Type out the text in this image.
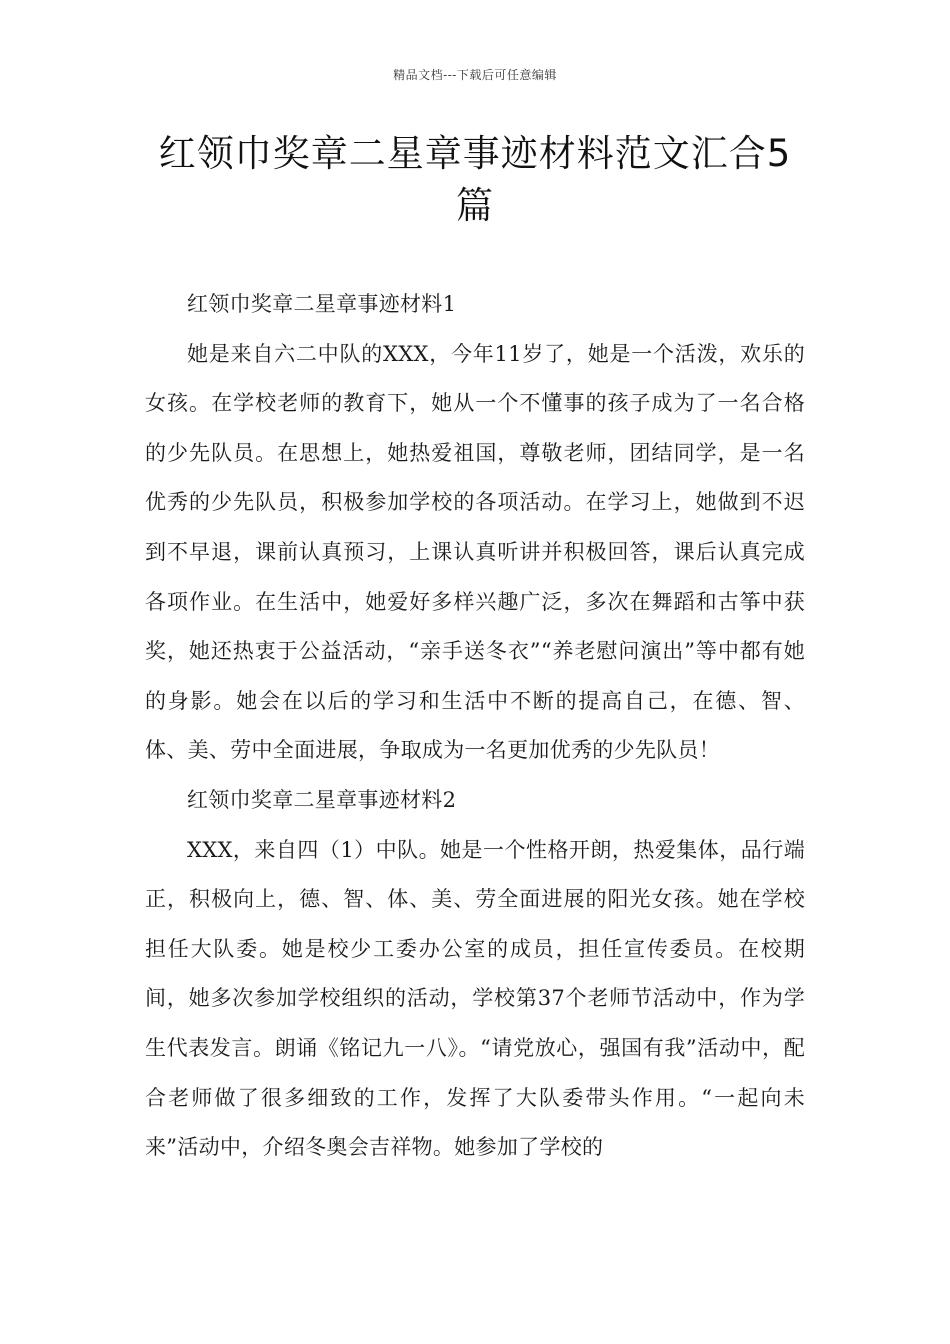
精品文档---下载后可任意编辑
红领巾奖章二星章事迹材料范文汇合5篇

红领巾奖章二星章事迹材料1

她是来自六二中队的XXX，今年11岁了，她是一个活泼，欢乐的女孩。在学校老师的教育下，她从一个不懂事的孩子成为了一名合格的少先队员。在思想上，她热爱祖国，尊敬老师，团结同学，是一名优秀的少先队员，积极参加学校的各项活动。在学习上，她做到不迟到不早退，课前认真预习，上课认真听讲并积极回答，课后认真完成各项作业。在生活中，她爱好多样兴趣广泛，多次在舞蹈和古筝中获奖，她还热衷于公益活动，“亲手送冬衣”“养老慰问演出”等中都有她的身影。她会在以后的学习和生活中不断的提高自己，在德、智、体、美、劳中全面进展，争取成为一名更加优秀的少先队员！

红领巾奖章二星章事迹材料2

XXX，来自四（1）中队。她是一个性格开朗，热爱集体，品行端正，积极向上，德、智、体、美、劳全面进展的阳光女孩。她在学校担任大队委。她是校少工委办公室的成员，担任宣传委员。在校期间，她多次参加学校组织的活动，学校第37个老师节活动中，作为学生代表发言。朗诵《铭记九一八》。“请党放心，强国有我”活动中，配合老师做了很多细致的工作，发挥了大队委带头作用。“一起向未来”活动中，介绍冬奥会吉祥物。她参加了学校的
